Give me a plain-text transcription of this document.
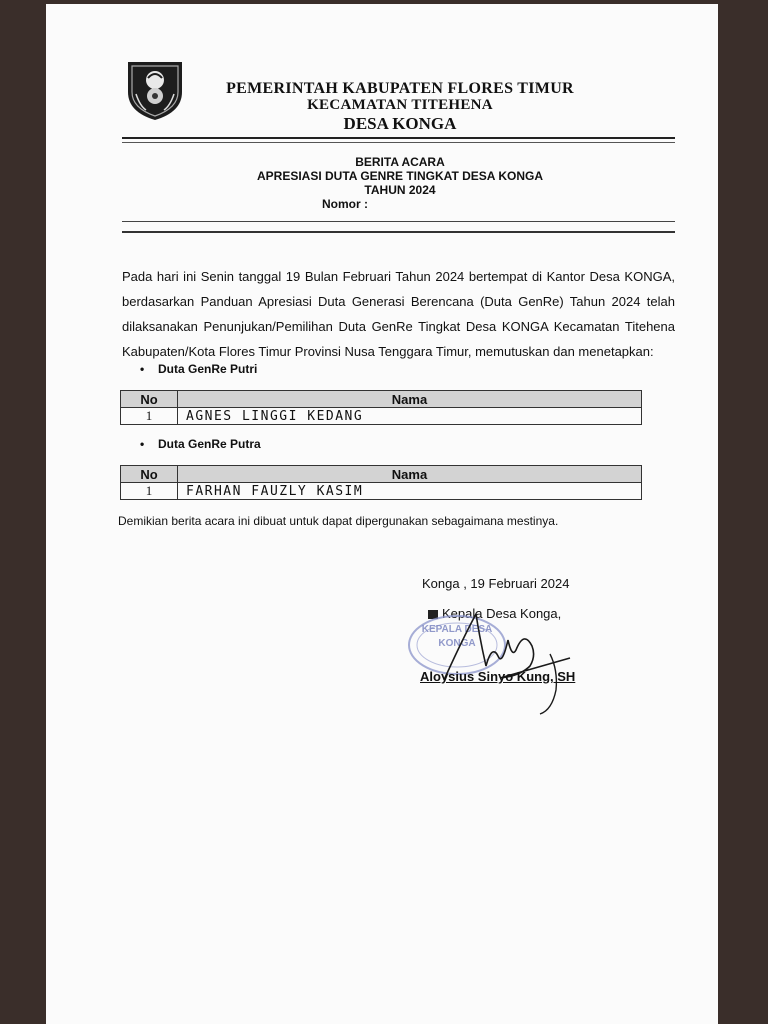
PEMERINTAH KABUPATEN FLORES TIMUR
KECAMATAN TITEHENA
DESA KONGA
BERITA ACARA
APRESIASI DUTA GENRE TINGKAT DESA KONGA
TAHUN 2024
Nomor :
Pada hari ini Senin tanggal 19 Bulan Februari Tahun 2024 bertempat di Kantor Desa KONGA, berdasarkan Panduan Apresiasi Duta Generasi Berencana (Duta GenRe) Tahun 2024 telah dilaksanakan Penunjukan/Pemilihan Duta GenRe Tingkat Desa KONGA Kecamatan Titehena Kabupaten/Kota Flores Timur Provinsi Nusa Tenggara Timur, memutuskan dan menetapkan:
• Duta GenRe Putri
No	Nama
1	AGNES LINGGI KEDANG
• Duta GenRe Putra
No	Nama
1	FARHAN FAUZLY KASIM
Demikian berita acara ini dibuat untuk dapat dipergunakan sebagaimana mestinya.
Konga , 19 Februari 2024
Kepala Desa Konga,
KEPALA DESA
KONGA
Aloysius Sinyo Kung, SH
